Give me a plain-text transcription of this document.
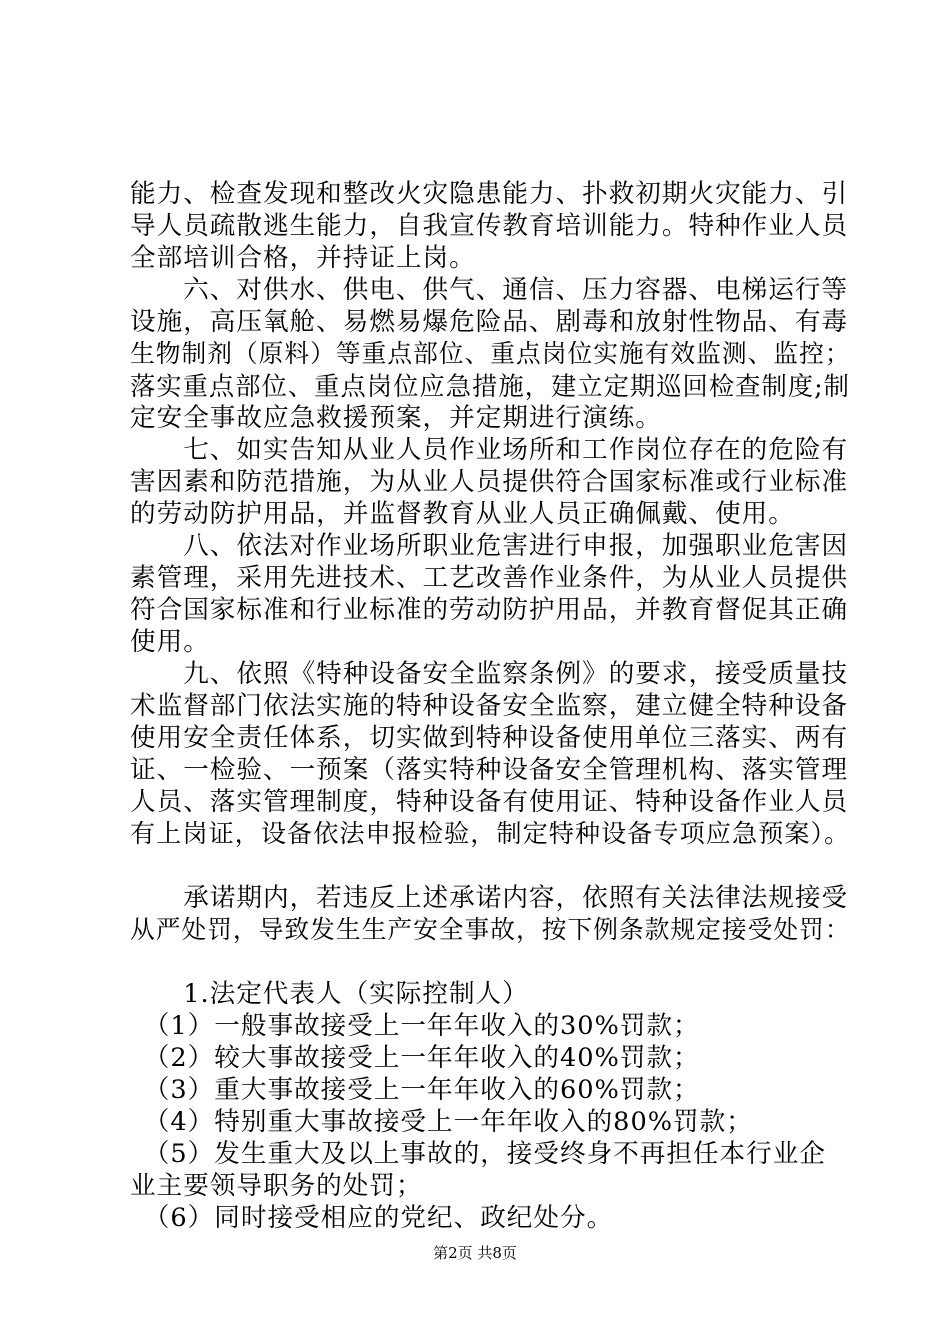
能力、检查发现和整改火灾隐患能力、扑救初期火灾能力、引
导人员疏散逃生能力，自我宣传教育培训能力。特种作业人员
全部培训合格，并持证上岗。
　　六、对供水、供电、供气、通信、压力容器、电梯运行等
设施，高压氧舱、易燃易爆危险品、剧毒和放射性物品、有毒
生物制剂（原料）等重点部位、重点岗位实施有效监测、监控；
落实重点部位、重点岗位应急措施，建立定期巡回检查制度;制
定安全事故应急救援预案，并定期进行演练。
　　七、如实告知从业人员作业场所和工作岗位存在的危险有
害因素和防范措施，为从业人员提供符合国家标准或行业标准
的劳动防护用品，并监督教育从业人员正确佩戴、使用。
　　八、依法对作业场所职业危害进行申报，加强职业危害因
素管理，采用先进技术、工艺改善作业条件，为从业人员提供
符合国家标准和行业标准的劳动防护用品，并教育督促其正确
使用。
　　九、依照《特种设备安全监察条例》的要求，接受质量技
术监督部门依法实施的特种设备安全监察，建立健全特种设备
使用安全责任体系，切实做到特种设备使用单位三落实、两有
证、一检验、一预案（落实特种设备安全管理机构、落实管理
人员、落实管理制度，特种设备有使用证、特种设备作业人员
有上岗证，设备依法申报检验，制定特种设备专项应急预案）。
　　承诺期内，若违反上述承诺内容，依照有关法律法规接受
从严处罚，导致发生生产安全事故，按下例条款规定接受处罚：
　　1.法定代表人（实际控制人）
　（1）一般事故接受上一年年收入的30%罚款；
　（2）较大事故接受上一年年收入的40%罚款；
　（3）重大事故接受上一年年收入的60%罚款；
　（4）特别重大事故接受上一年年收入的80%罚款；
　（5）发生重大及以上事故的，接受终身不再担任本行业企
业主要领导职务的处罚；
　（6）同时接受相应的党纪、政纪处分。
第2页 共8页
